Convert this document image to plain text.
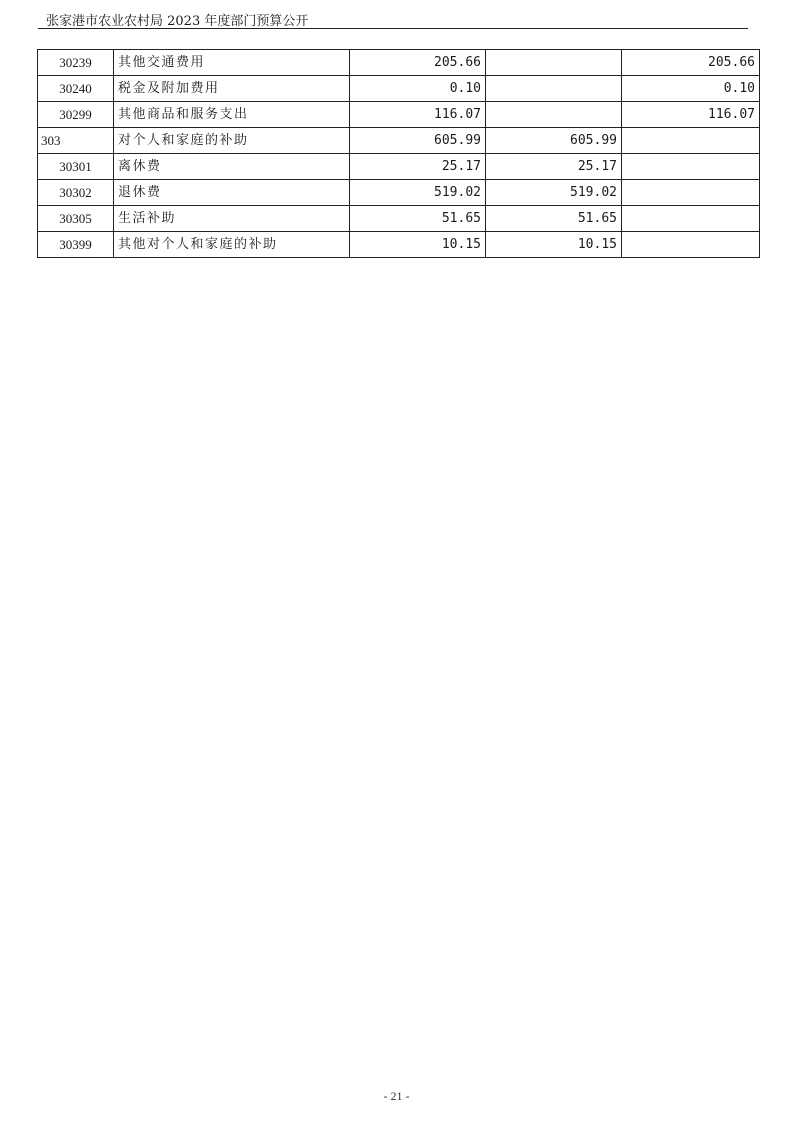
张家港市农业农村局 2023 年度部门预算公开
30239	其他交通费用	205.66		205.66
30240	税金及附加费用	0.10		0.10
30299	其他商品和服务支出	116.07		116.07
303	对个人和家庭的补助	605.99	605.99	
30301	离休费	25.17	25.17	
30302	退休费	519.02	519.02	
30305	生活补助	51.65	51.65	
30399	其他对个人和家庭的补助	10.15	10.15	
- 21 -
